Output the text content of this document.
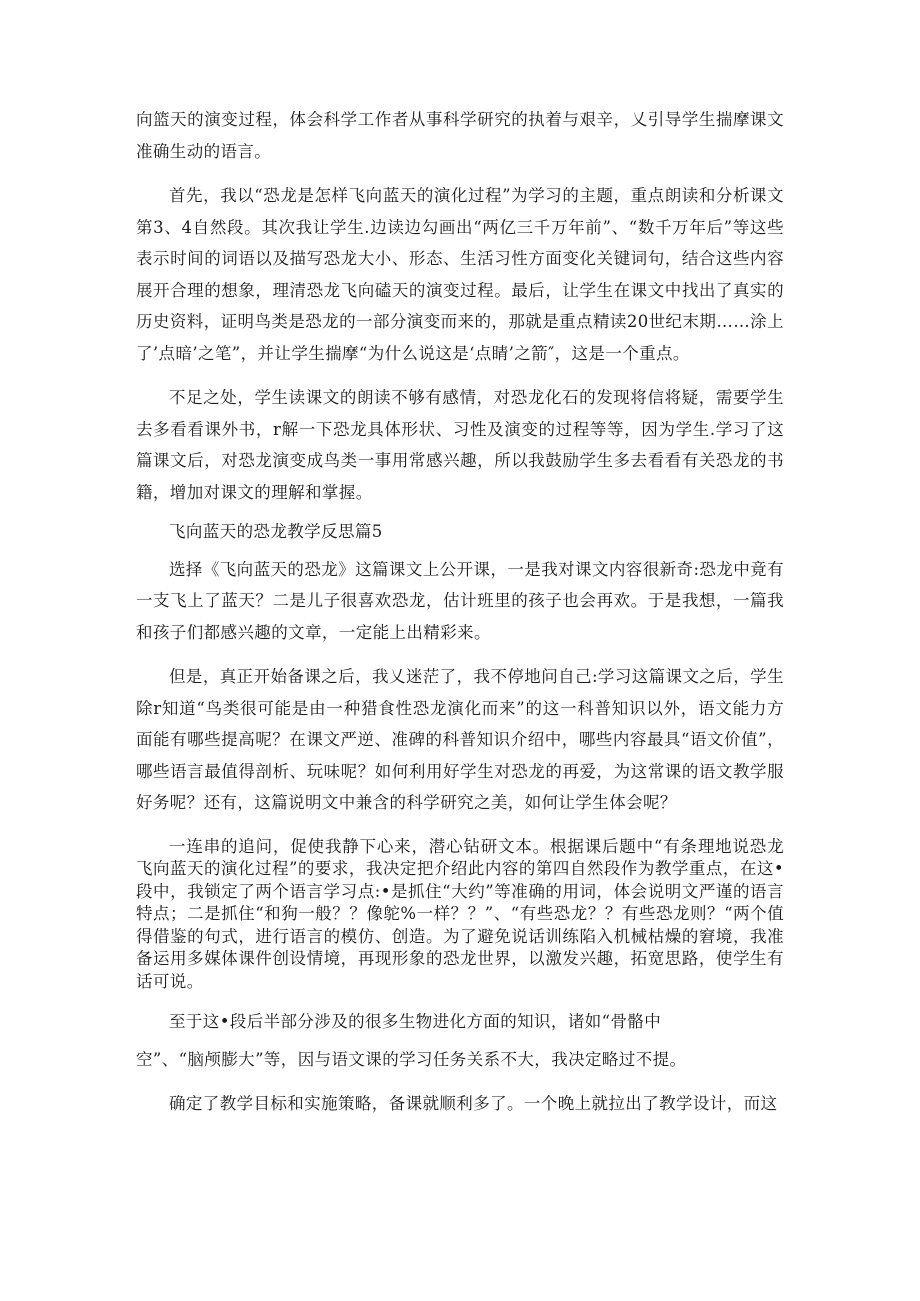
向篮天的演变过程，体会科学工作者从事科学研究的执着与艰辛，乂引导学生揣摩课文准确生动的语言。

首先，我以“恐龙是怎样飞向蓝天的演化过程”为学习的主题，重点朗读和分析课文第3、4自然段。其次我让学生.边读边勾画出“两亿三千万年前”、“数千万年后”等这些表示时间的词语以及描写恐龙大小、形态、生活习性方面变化关键词句，结合这些内容展开合理的想象，理清恐龙飞向磕天的演变过程。最后，让学生在课文中找出了真实的历史资料，证明鸟类是恐龙的一部分演变而来的，那就是重点精读20世纪末期……涂上了’点暗’之笔”，并让学生揣摩“为什么说这是‘点睛’之箭″，这是一个重点。

不足之处，学生读课文的朗读不够有感情，对恐龙化石的发现将信将疑，需要学生去多看看课外书，r解一下恐龙具体形状、习性及演变的过程等等，因为学生.学习了这篇课文后，对恐龙演变成鸟类一事用常感兴趣，所以我鼓励学生多去看看有关恐龙的书籍，增加对课文的理解和掌握。

飞向蓝天的恐龙教学反思篇5

选择《飞向蓝天的恐龙》这篇课文上公开课，一是我对课文内容很新奇:恐龙中竟有一支飞上了蓝天？二是儿子很喜欢恐龙，估计班里的孩子也会再欢。于是我想，一篇我和孩子们都感兴趣的文章，一定能上出精彩来。

但是，真正开始备课之后，我乂迷茫了，我不停地问自己:学习这篇课文之后，学生除r知道“鸟类很可能是由一种猎食性恐龙演化而来”的这一科普知识以外，语文能力方面能有哪些提高呢？在课文严逆、准碑的科普知识介绍中，哪些内容最具“语文价值”，哪些语言最值得剖析、玩味呢？如何利用好学生对恐龙的再爱，为这常课的语文教学服好务呢？还有，这篇说明文中兼含的科学研究之美，如何让学生体会呢？

一连串的追问，促使我静下心来，潜心钻研文本。根据课后题中“有条理地说恐龙飞向蓝天的演化过程”的要求，我决定把介绍此内容的第四自然段作为教学重点，在这•段中，我锁定了两个语言学习点:•是抓住“大约”等准确的用词，体会说明文严谨的语言特点；二是抓住“和狗一般？？像鸵%一样？？”、“有些恐龙？？有些恐龙则？“两个值得借鉴的句式，进行语言的模仿、创造。为了避免说话训练陷入机械枯燥的窘境，我准备运用多媒体课件创设情境，再现形象的恐龙世界，以激发兴趣，拓宽思路，使学生有话可说。

至于这•段后半部分涉及的很多生物进化方面的知识，诸如“骨骼中

空”、“脑颅膨大”等，因与语文课的学习任务关系不大，我决定略过不提。

确定了教学目标和实施策略，备课就顺利多了。一个晚上就拉出了教学设计，而这
